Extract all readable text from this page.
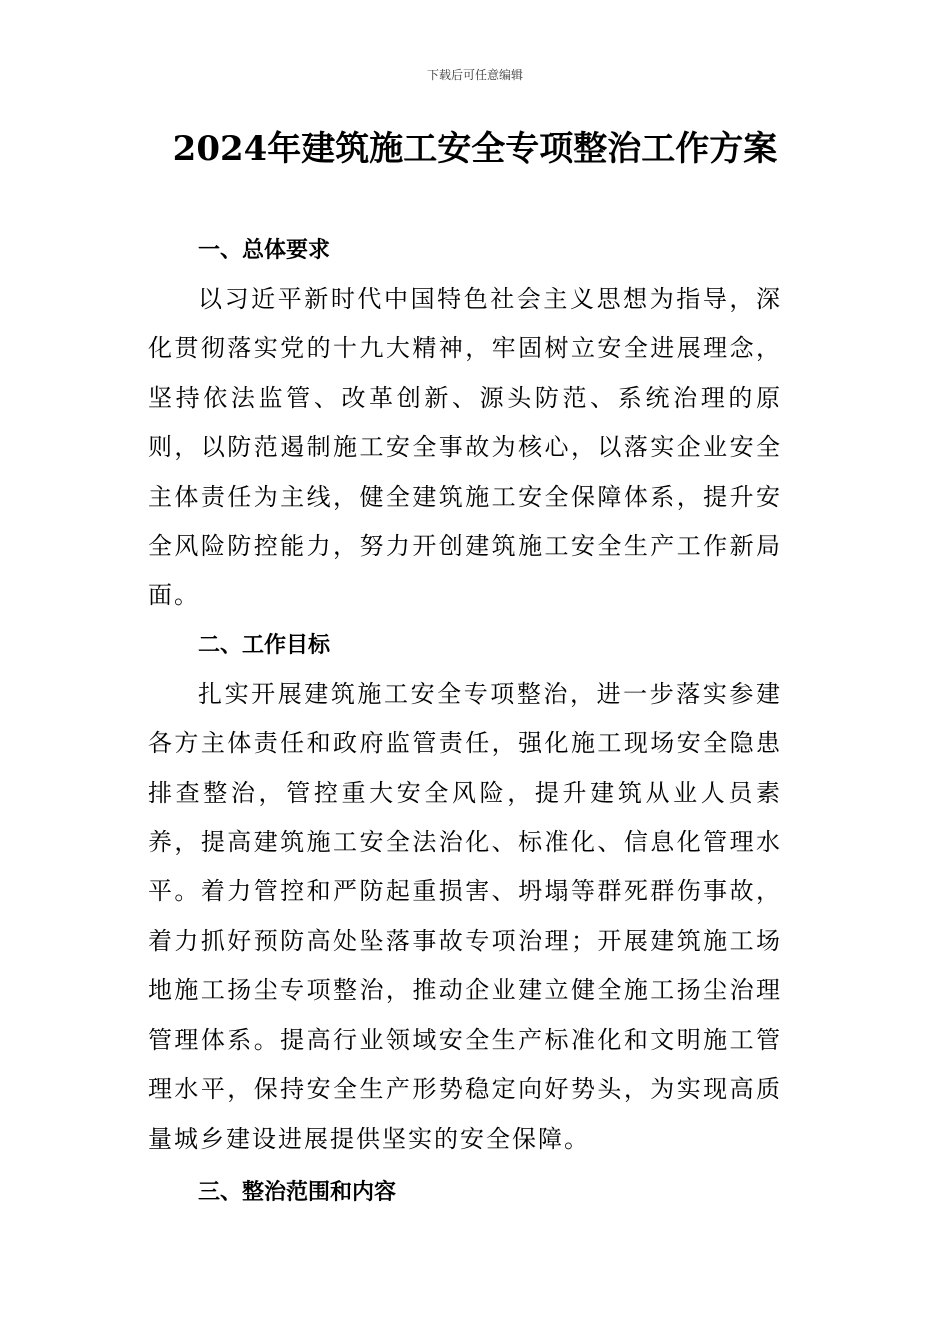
下载后可任意编辑
2024年建筑施工安全专项整治工作方案
一、总体要求

以习近平新时代中国特色社会主义思想为指导，深化贯彻落实党的十九大精神，牢固树立安全进展理念，坚持依法监管、改革创新、源头防范、系统治理的原则，以防范遏制施工安全事故为核心，以落实企业安全主体责任为主线，健全建筑施工安全保障体系，提升安全风险防控能力，努力开创建筑施工安全生产工作新局面。

二、工作目标

扎实开展建筑施工安全专项整治，进一步落实参建各方主体责任和政府监管责任，强化施工现场安全隐患排查整治，管控重大安全风险，提升建筑从业人员素养，提高建筑施工安全法治化、标准化、信息化管理水平。着力管控和严防起重损害、坍塌等群死群伤事故，着力抓好预防高处坠落事故专项治理；开展建筑施工场地施工扬尘专项整治，推动企业建立健全施工扬尘治理管理体系。提高行业领域安全生产标准化和文明施工管理水平，保持安全生产形势稳定向好势头，为实现高质量城乡建设进展提供坚实的安全保障。

三、整治范围和内容
